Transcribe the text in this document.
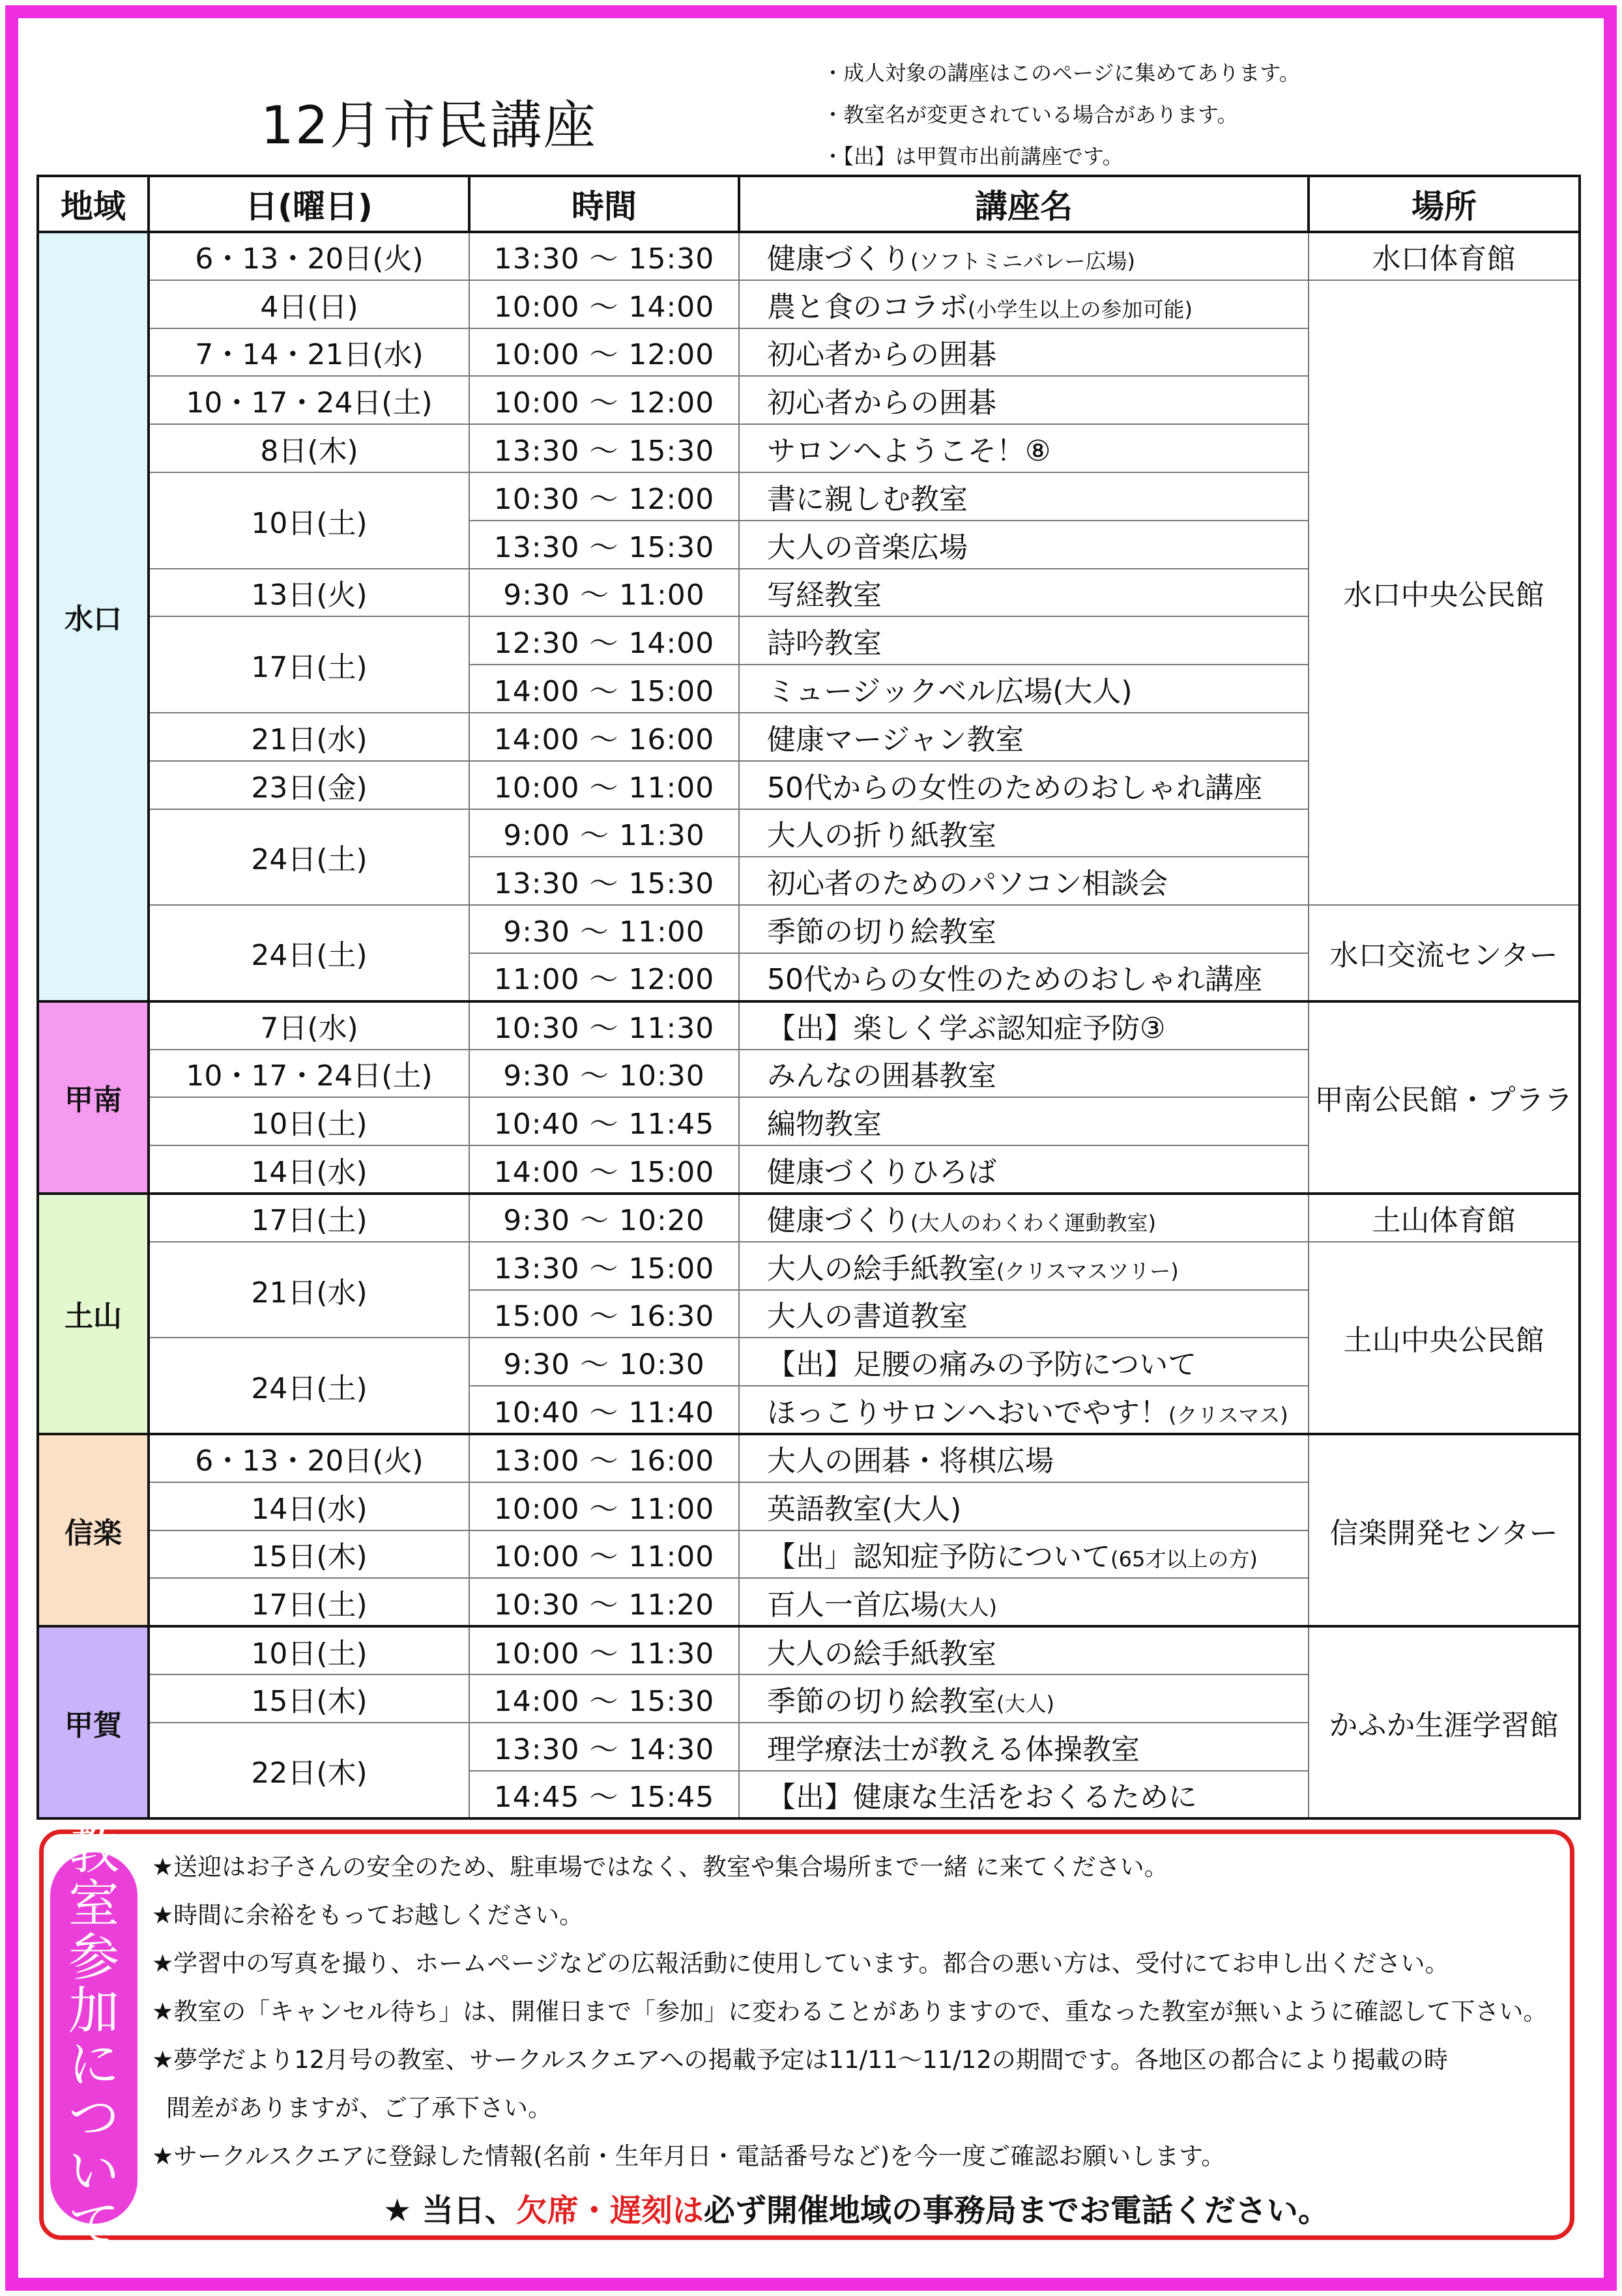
12月市民講座
・成人対象の講座はこのページに集めてあります。
・教室名が変更されている場合があります。
・【出】は甲賀市出前講座です。
地域	日(曜日)	時間	講座名	場所
水口	6・13・20日(火)	13:30 ～ 15:30	健康づくり(ソフトミニバレー広場)	水口体育館
	4日(日)	10:00 ～ 14:00	農と食のコラボ(小学生以上の参加可能)	水口中央公民館
	7・14・21日(水)	10:00 ～ 12:00	初心者からの囲碁	
	10・17・24日(土)	10:00 ～ 12:00	初心者からの囲碁	
	8日(木)	13:30 ～ 15:30	サロンへようこそ！⑧	
	10日(土)	10:30 ～ 12:00	書に親しむ教室	
		13:30 ～ 15:30	大人の音楽広場	
	13日(火)	9:30 ～ 11:00	写経教室	
	17日(土)	12:30 ～ 14:00	詩吟教室	
		14:00 ～ 15:00	ミュージックベル広場(大人)	
	21日(水)	14:00 ～ 16:00	健康マージャン教室	
	23日(金)	10:00 ～ 11:00	50代からの女性のためのおしゃれ講座	
	24日(土)	9:00 ～ 11:30	大人の折り紙教室	
		13:30 ～ 15:30	初心者のためのパソコン相談会	
	24日(土)	9:30 ～ 11:00	季節の切り絵教室	水口交流センター
		11:00 ～ 12:00	50代からの女性のためのおしゃれ講座	
甲南	7日(水)	10:30 ～ 11:30	【出】楽しく学ぶ認知症予防③	甲南公民館・プララ
	10・17・24日(土)	9:30 ～ 10:30	みんなの囲碁教室	
	10日(土)	10:40 ～ 11:45	編物教室	
	14日(水)	14:00 ～ 15:00	健康づくりひろば	
土山	17日(土)	9:30 ～ 10:20	健康づくり(大人のわくわく運動教室)	土山体育館
	21日(水)	13:30 ～ 15:00	大人の絵手紙教室(クリスマスツリー)	土山中央公民館
		15:00 ～ 16:30	大人の書道教室	
	24日(土)	9:30 ～ 10:30	【出】足腰の痛みの予防について	
		10:40 ～ 11:40	ほっこりサロンへおいでやす！(クリスマス)	
信楽	6・13・20日(火)	13:00 ～ 16:00	大人の囲碁・将棋広場	信楽開発センター
	14日(水)	10:00 ～ 11:00	英語教室(大人)	
	15日(木)	10:00 ～ 11:00	【出」認知症予防について(65才以上の方)	
	17日(土)	10:30 ～ 11:20	百人一首広場(大人)	
甲賀	10日(土)	10:00 ～ 11:30	大人の絵手紙教室	かふか生涯学習館
	15日(木)	14:00 ～ 15:30	季節の切り絵教室(大人)	
	22日(木)	13:30 ～ 14:30	理学療法士が教える体操教室	
		14:45 ～ 15:45	【出】健康な生活をおくるために	
教
室
参
加
に
つ
い
て
★送迎はお子さんの安全のため、駐車場ではなく、教室や集合場所まで一緒 に来てください。
★時間に余裕をもってお越しください。
★学習中の写真を撮り、ホームページなどの広報活動に使用しています。都合の悪い方は、受付にてお申し出ください。
★教室の「キャンセル待ち」は、開催日まで「参加」に変わることがありますので、重なった教室が無いように確認して下さい。
★夢学だより12月号の教室、サークルスクエアへの掲載予定は11/11～11/12の期間です。各地区の都合により掲載の時
間差がありますが、ご了承下さい。
★サークルスクエアに登録した情報(名前・生年月日・電話番号など)を今一度ご確認お願いします。
★ 当日、欠席・遅刻は必ず開催地域の事務局までお電話ください。
